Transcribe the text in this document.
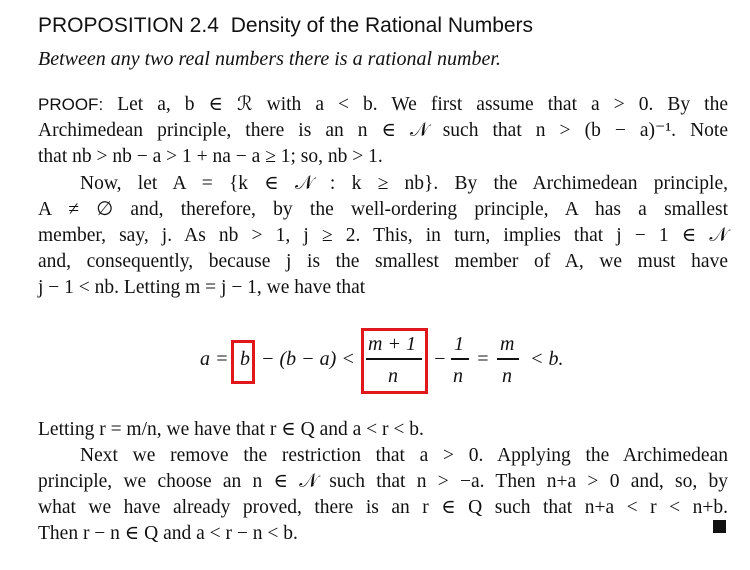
PROPOSITION 2.4 Density of the Rational Numbers
Between any two real numbers there is a rational number.
PROOF: Let a, b ∈ ℛ with a < b. We first assume that a > 0. By the
Archimedean principle, there is an n ∈ 𝒩 such that n > (b − a)⁻¹. Note
that nb > nb − a > 1 + na − a ≥ 1; so, nb > 1.
Now, let A = {k ∈ 𝒩 : k ≥ nb}. By the Archimedean principle,
A ≠ ∅ and, therefore, by the well-ordering principle, A has a smallest
member, say, j. As nb > 1, j ≥ 2. This, in turn, implies that j − 1 ∈ 𝒩
and, consequently, because j is the smallest member of A, we must have
j − 1 < nb. Letting m = j − 1, we have that
a = b − (b − a) <
m + 1
n
−
1
n
=
m
n
< b.
Letting r = m/n, we have that r ∈ Q and a < r < b.
Next we remove the restriction that a > 0. Applying the Archimedean
principle, we choose an n ∈ 𝒩 such that n > −a. Then n+a > 0 and, so, by
what we have already proved, there is an r ∈ Q such that n+a < r < n+b.
Then r − n ∈ Q and a < r − n < b.
